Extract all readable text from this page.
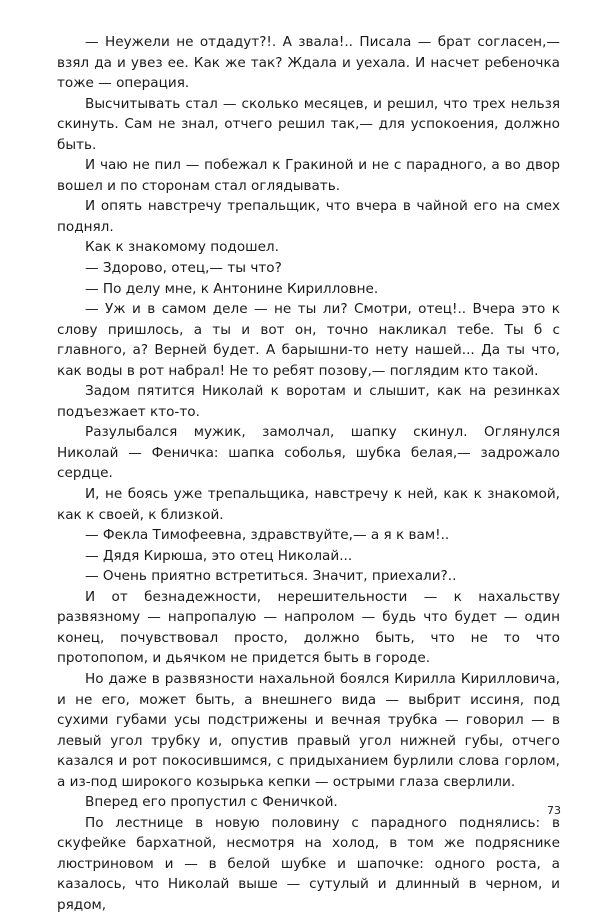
— Неужели не отдадут?!. А звала!.. Писала — брат согласен,— взял да и увез ее. Как же так? Ждала и уехала. И насчет ребеночка тоже — операция.

Высчитывать стал — сколько месяцев, и решил, что трех нельзя скинуть. Сам не знал, отчего решил так,— для успокоения, должно быть.

И чаю не пил — побежал к Гракиной и не с парадного, а во двор вошел и по сторонам стал оглядывать.

И опять навстречу трепальщик, что вчера в чайной его на смех поднял.

Как к знакомому подошел.

— Здорово, отец,— ты что?

— По делу мне, к Антонине Кирилловне.

— Уж и в самом деле — не ты ли? Смотри, отец!.. Вчера это к слову пришлось, а ты и вот он, точно накликал тебе. Ты б с главного, а? Верней будет. А барышни-то нету нашей... Да ты что, как воды в рот набрал! Не то ребят позову,— поглядим кто такой.

Задом пятится Николай к воротам и слышит, как на резинках подъезжает кто-то.

Разулыбался мужик, замолчал, шапку скинул. Оглянулся Николай — Феничка: шапка соболья, шубка белая,— задрожало сердце.

И, не боясь уже трепальщика, навстречу к ней, как к знакомой, как к своей, к близкой.

— Фекла Тимофеевна, здравствуйте,— а я к вам!..

— Дядя Кирюша, это отец Николай...

— Очень приятно встретиться. Значит, приехали?..

И от безнадежности, нерешительности — к нахальству развязному — напропалую — напролом — будь что будет — один конец, почувствовал просто, должно быть, что не то что протопопом, и дьячком не придется быть в городе.

Но даже в развязности нахальной боялся Кирилла Кирилловича, и не его, может быть, а внешнего вида — выбрит иссиня, под сухими губами усы подстрижены и вечная трубка — говорил — в левый угол трубку и, опустив правый угол нижней губы, отчего казался и рот покосившимся, с придыханием бурлили слова горлом, а из-под широкого козырька кепки — острыми глаза сверлили.

Вперед его пропустил с Феничкой.

По лестнице в новую половину с парадного поднялись: в скуфейке бархатной, несмотря на холод, в том же подряснике люстриновом и — в белой шубке и шапочке: одного роста, а казалось, что Николай выше — сутулый и длинный в черном, и рядом,

73
